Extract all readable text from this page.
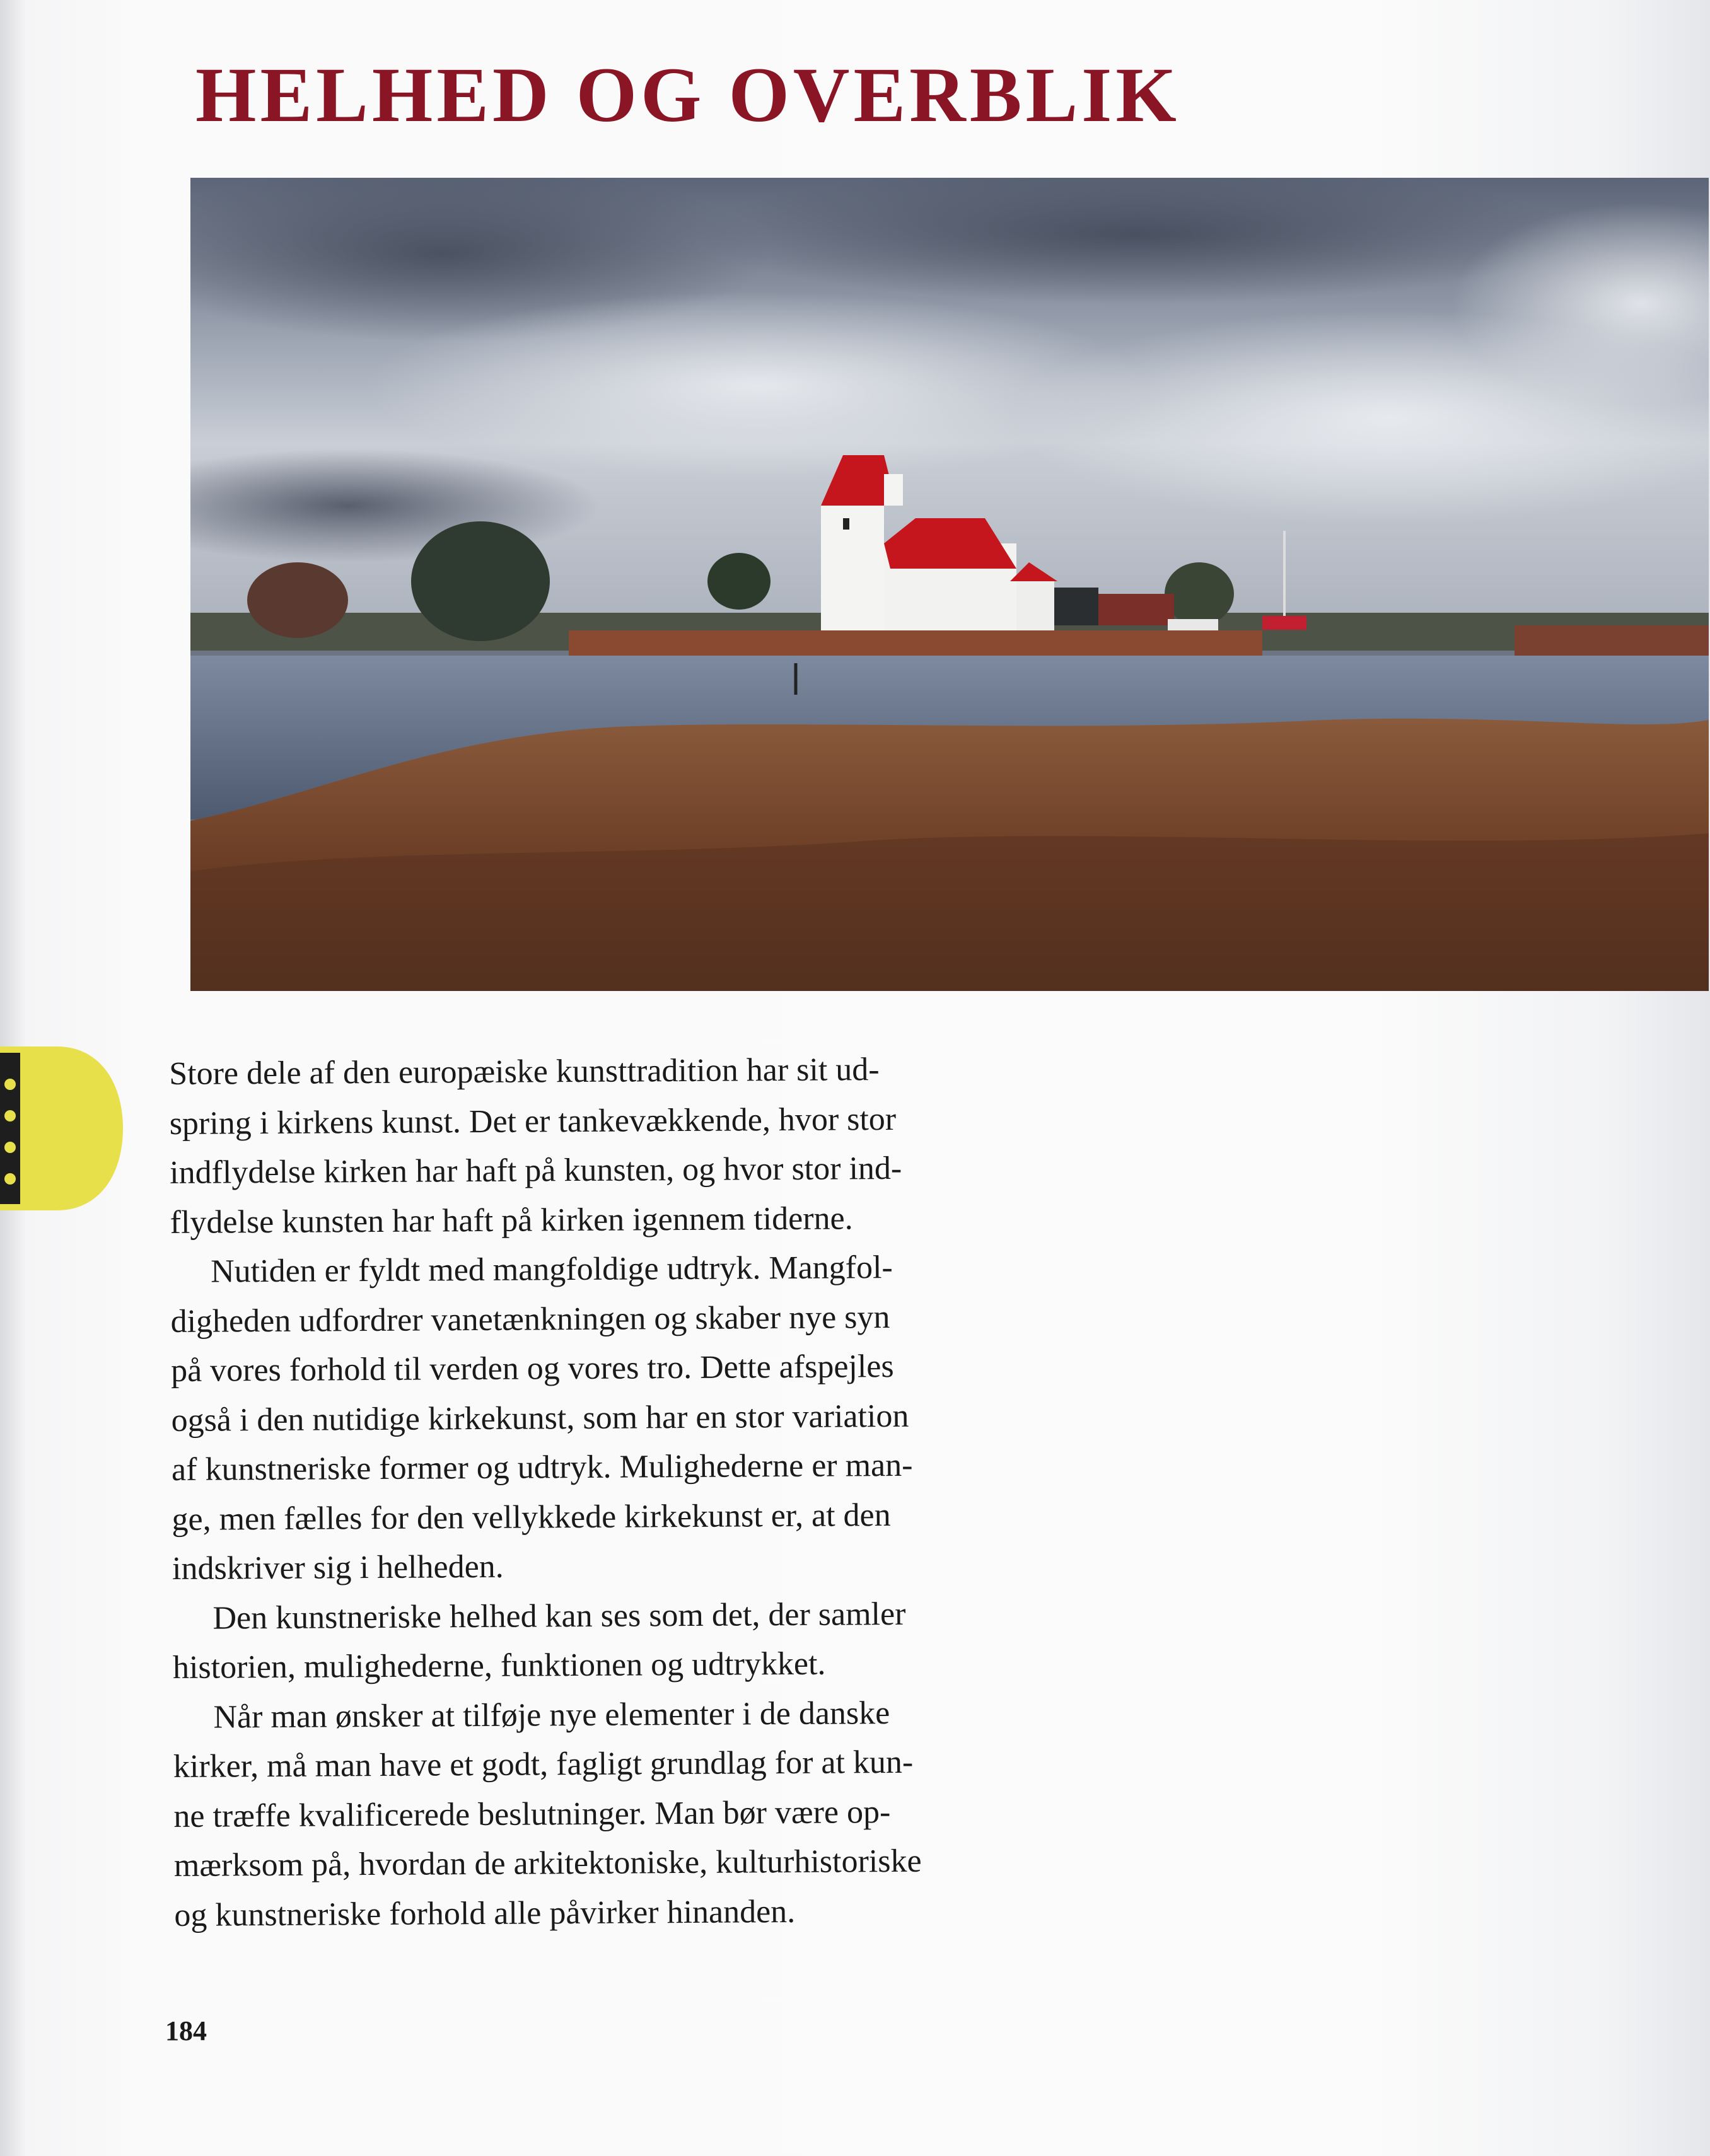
HELHED OG OVERBLIK

Store dele af den europæiske kunsttradition har sit ud-

spring i kirkens kunst. Det er tankevækkende, hvor stor

indflydelse kirken har haft på kunsten, og hvor stor ind-

flydelse kunsten har haft på kirken igennem tiderne.

Nutiden er fyldt med mangfoldige udtryk. Mangfol-

digheden udfordrer vanetænkningen og skaber nye syn

på vores forhold til verden og vores tro. Dette afspejles

også i den nutidige kirkekunst, som har en stor variation

af kunstneriske former og udtryk. Mulighederne er man-

ge, men fælles for den vellykkede kirkekunst er, at den

indskriver sig i helheden.

Den kunstneriske helhed kan ses som det, der samler

historien, mulighederne, funktionen og udtrykket.

Når man ønsker at tilføje nye elementer i de danske

kirker, må man have et godt, fagligt grundlag for at kun-

ne træffe kvalificerede beslutninger. Man bør være op-

mærksom på, hvordan de arkitektoniske, kulturhistoriske

og kunstneriske forhold alle påvirker hinanden.

184
